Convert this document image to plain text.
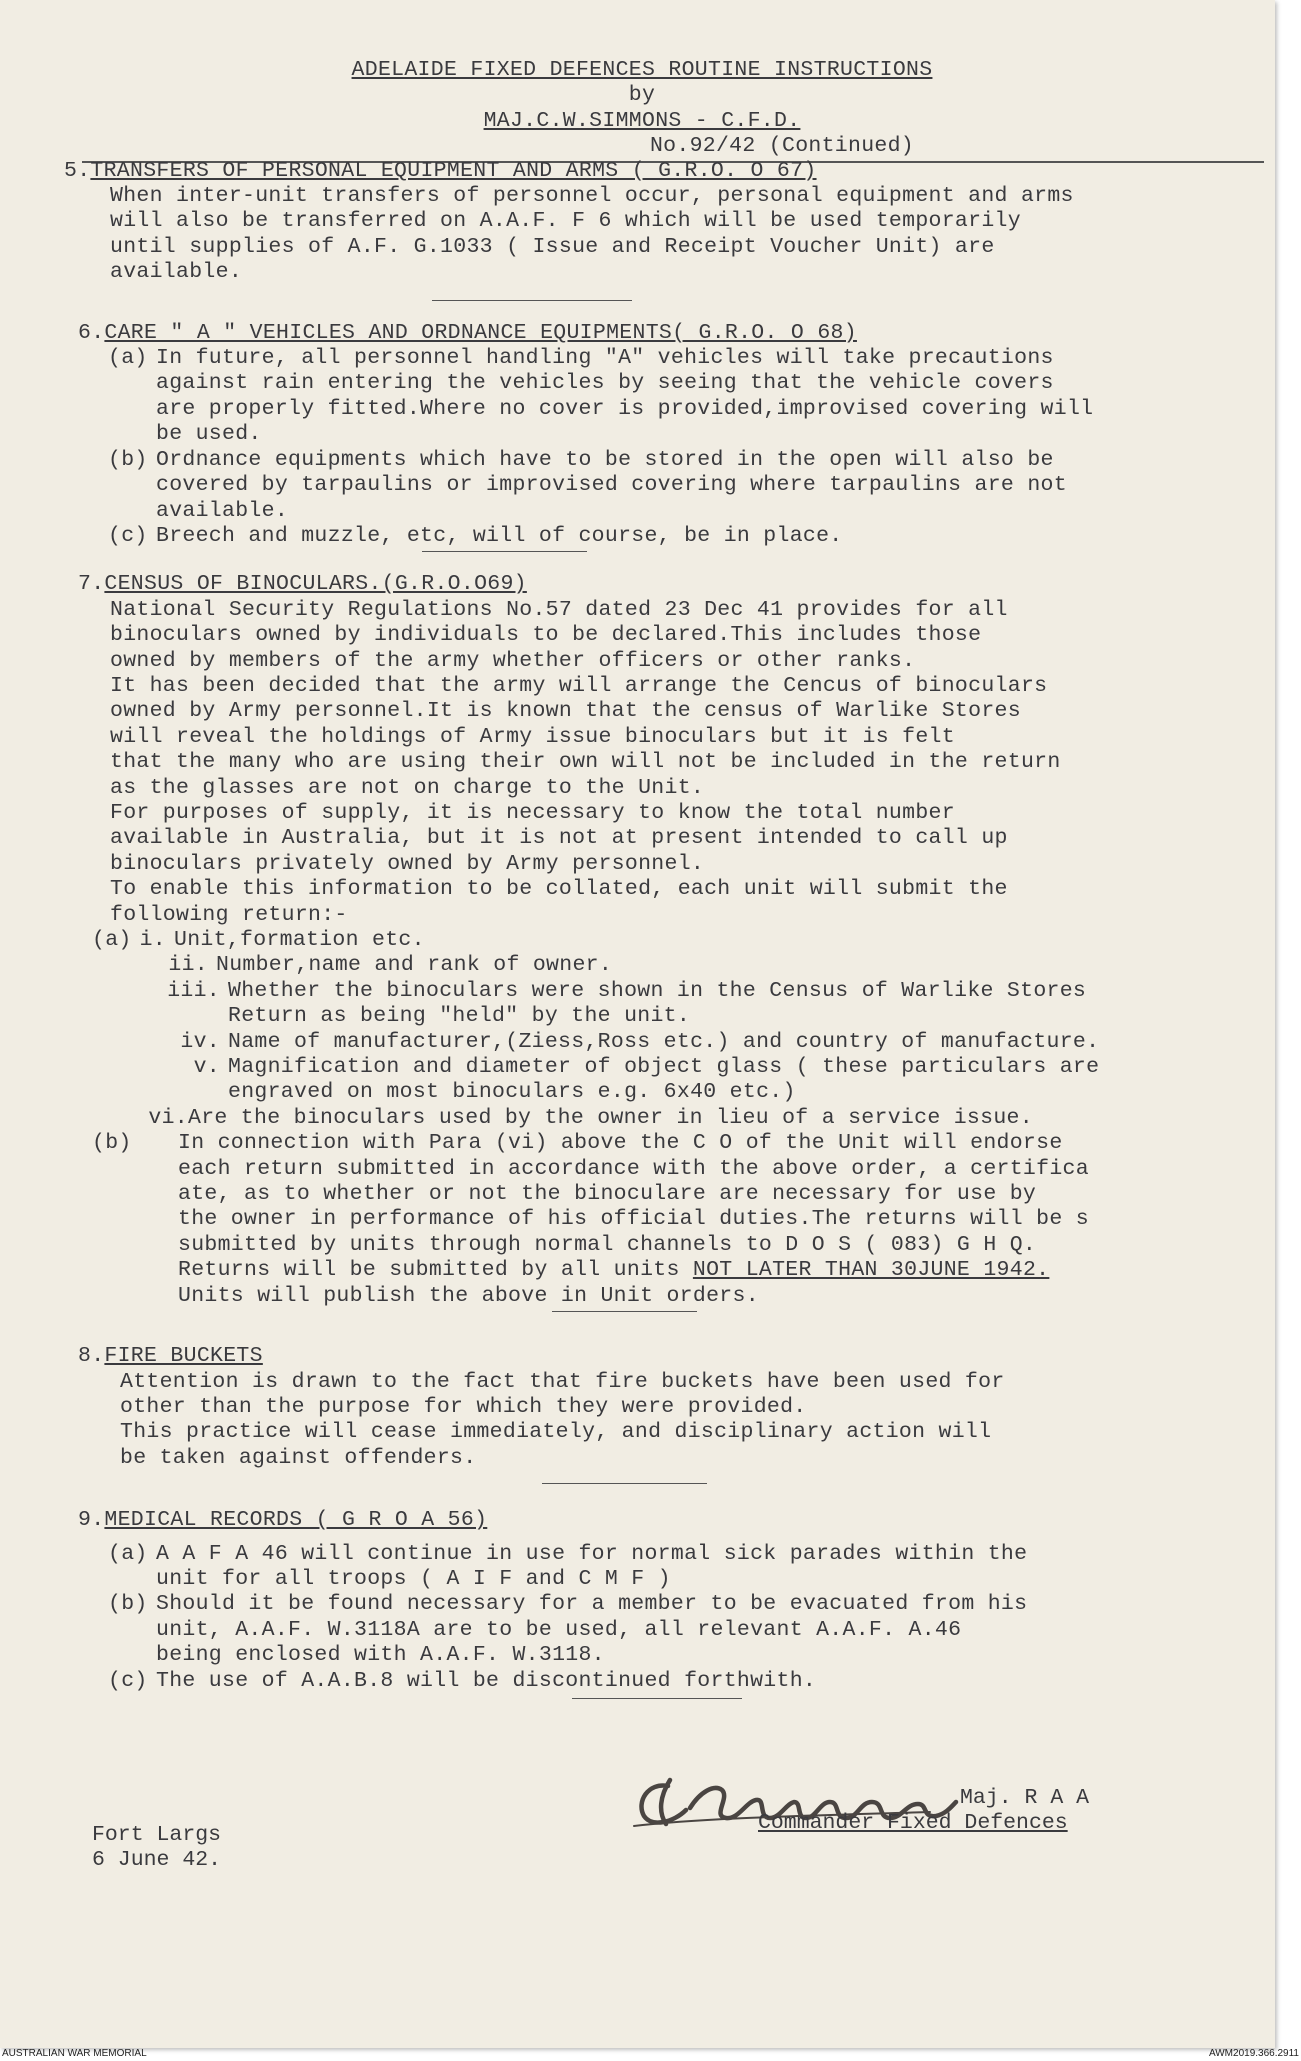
ADELAIDE FIXED DEFENCES ROUTINE INSTRUCTIONS
by
MAJ.C.W.SIMMONS - C.F.D.
No.92/42 (Continued)
5.TRANSFERS OF PERSONAL EQUIPMENT AND ARMS ( G.R.O. O 67)
When inter-unit transfers of personnel occur, personal equipment and arms
will also be transferred on A.A.F. F 6 which will be used temporarily
until supplies of A.F. G.1033 ( Issue and Receipt Voucher Unit) are
available.
6.CARE " A " VEHICLES AND ORDNANCE EQUIPMENTS( G.R.O. O 68)
(a) In future, all personnel handling "A" vehicles will take precautions
against rain entering the vehicles by seeing that the vehicle covers
are properly fitted.Where no cover is provided,improvised covering will
be used.
(b) Ordnance equipments which have to be stored in the open will also be
covered by tarpaulins or improvised covering where tarpaulins are not
available.
(c) Breech and muzzle, etc, will of course, be in place.
7.CENSUS OF BINOCULARS.(G.R.O.O69)
National Security Regulations No.57 dated 23 Dec 41 provides for all
binoculars owned by individuals to be declared.This includes those
owned by members of the army whether officers or other ranks.
It has been decided that the army will arrange the Cencus of binoculars
owned by Army personnel.It is known that the census of Warlike Stores
will reveal the holdings of Army issue binoculars but it is felt
that the many who are using their own will not be included in the return
as the glasses are not on charge to the Unit.
For purposes of supply, it is necessary to know the total number
available in Australia, but it is not at present intended to call up
binoculars privately owned by Army personnel.
To enable this information to be collated, each unit will submit the
following return:-
(a) i. Unit,formation etc.
ii. Number,name and rank of owner.
iii. Whether the binoculars were shown in the Census of Warlike Stores
Return as being "held" by the unit.
iv. Name of manufacturer,(Ziess,Ross etc.) and country of manufacture.
v. Magnification and diameter of object glass ( these particulars are
engraved on most binoculars e.g. 6x40 etc.)
vi. Are the binoculars used by the owner in lieu of a service issue.
(b)	In connection with Para (vi) above the C O of the Unit will endorse
each return submitted in accordance with the above order, a certifica
ate, as to whether or not the binoculare are necessary for use by
the owner in performance of his official duties.The returns will be s
submitted by units through normal channels to D O S ( 083) G H Q.
Returns will be submitted by all units NOT LATER THAN 30JUNE 1942.
Units will publish the above in Unit orders.
8.FIRE BUCKETS
Attention is drawn to the fact that fire buckets have been used for
other than the purpose for which they were provided.
This practice will cease immediately, and disciplinary action will
be taken against offenders.
9.MEDICAL RECORDS ( G R O A 56)
(a) A A F A 46 will continue in use for normal sick parades within the
unit for all troops ( A I F and C M F )
(b) Should it be found necessary for a member to be evacuated from his
unit, A.A.F. W.3118A are to be used, all relevant A.A.F. A.46
being enclosed with A.A.F. W.3118.
(c) The use of A.A.B.8 will be discontinued forthwith.
Maj. R A A
Commander Fixed Defences
Fort Largs
6 June 42.
AUSTRALIAN WAR MEMORIAL	AWM2019.366.2911
